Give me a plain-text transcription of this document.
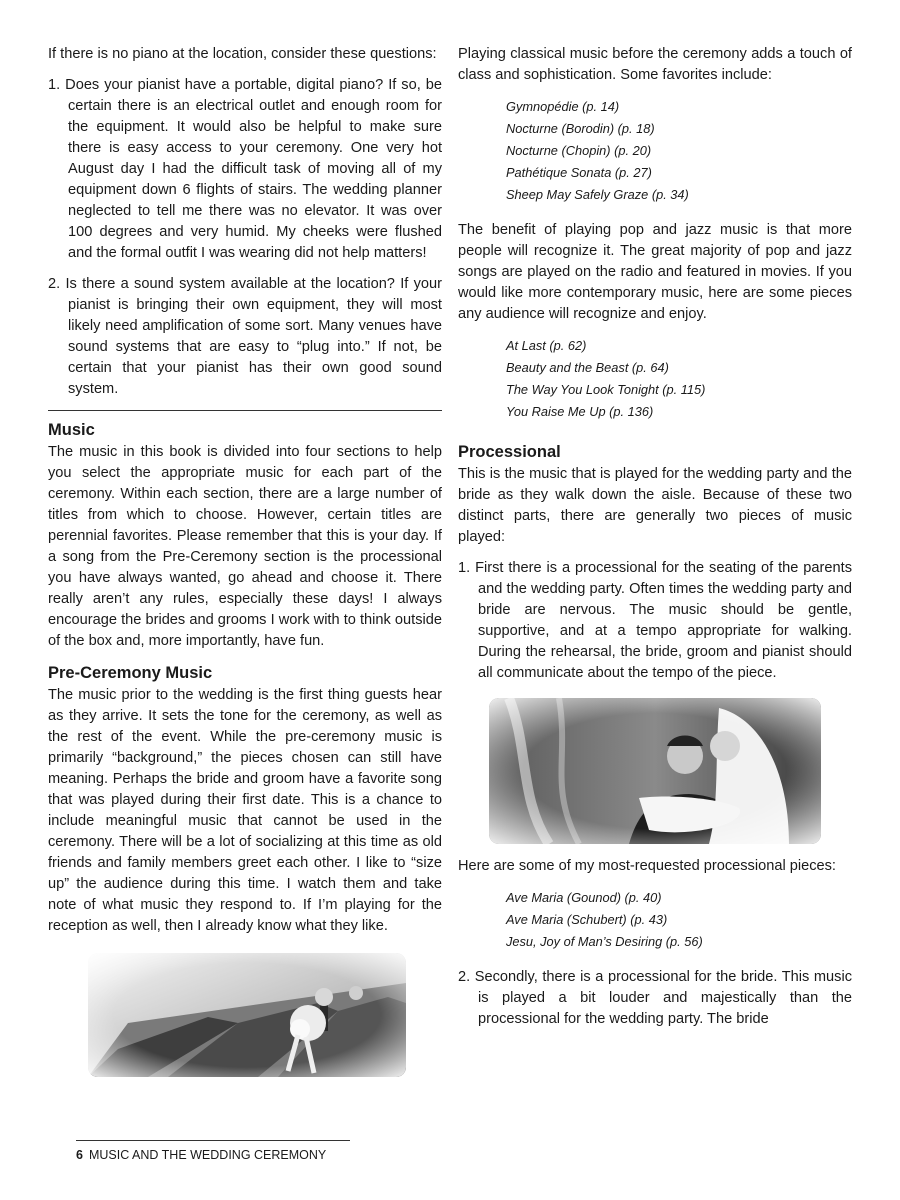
If there is no piano at the location, consider these questions:

1. Does your pianist have a portable, digital piano? If so, be certain there is an electrical outlet and enough room for the equipment. It would also be helpful to make sure there is easy access to your ceremony. One very hot August day I had the difficult task of moving all of my equipment down 6 flights of stairs. The wedding planner neglected to tell me there was no elevator. It was over 100 degrees and very humid. My cheeks were flushed and the formal outfit I was wearing did not help matters!

2. Is there a sound system available at the location? If your pianist is bringing their own equipment, they will most likely need amplification of some sort. Many venues have sound systems that are easy to “plug into.” If not, be certain that your pianist has their own good sound system.

Music

The music in this book is divided into four sections to help you select the appropriate music for each part of the ceremony. Within each section, there are a large number of titles from which to choose. However, certain titles are perennial favorites. Please remember that this is your day. If a song from the Pre-Ceremony section is the processional you have always wanted, go ahead and choose it. There really aren’t any rules, especially these days! I always encourage the brides and grooms I work with to think outside of the box and, more importantly, have fun.

Pre-Ceremony Music

The music prior to the wedding is the first thing guests hear as they arrive. It sets the tone for the ceremony, as well as the rest of the event. While the pre-ceremony music is primarily “background,” the pieces chosen can still have meaning. Perhaps the bride and groom have a favorite song that was played during their first date. This is a chance to include meaningful music that cannot be used in the ceremony. There will be a lot of socializing at this time as old friends and family members greet each other. I like to “size up” the audience during this time. I watch them and take note of what music they respond to. If I’m playing for the reception as well, then I already know what they like.

Playing classical music before the ceremony adds a touch of class and sophistication. Some favorites include:

Gymnopédie (p. 14)
Nocturne (Borodin) (p. 18)
Nocturne (Chopin) (p. 20)
Pathétique Sonata (p. 27)
Sheep May Safely Graze (p. 34)

The benefit of playing pop and jazz music is that more people will recognize it. The great majority of pop and jazz songs are played on the radio and featured in movies. If you would like more contemporary music, here are some pieces any audience will recognize and enjoy.

At Last (p. 62)
Beauty and the Beast (p. 64)
The Way You Look Tonight (p. 115)
You Raise Me Up (p. 136)
Processional

This is the music that is played for the wedding party and the bride as they walk down the aisle. Because of these two distinct parts, there are generally two pieces of music played:

1. First there is a processional for the seating of the parents and the wedding party. Often times the wedding party and bride are nervous. The music should be gentle, supportive, and at a tempo appropriate for walking. During the rehearsal, the bride, groom and pianist should all communicate about the tempo of the piece.

Here are some of my most-requested processional pieces:

Ave Maria (Gounod) (p. 40)
Ave Maria (Schubert) (p. 43)
Jesu, Joy of Man’s Desiring (p. 56)

2. Secondly, there is a processional for the bride. This music is played a bit louder and majestically than the processional for the wedding party. The bride

6 MUSIC AND THE WEDDING CEREMONY
